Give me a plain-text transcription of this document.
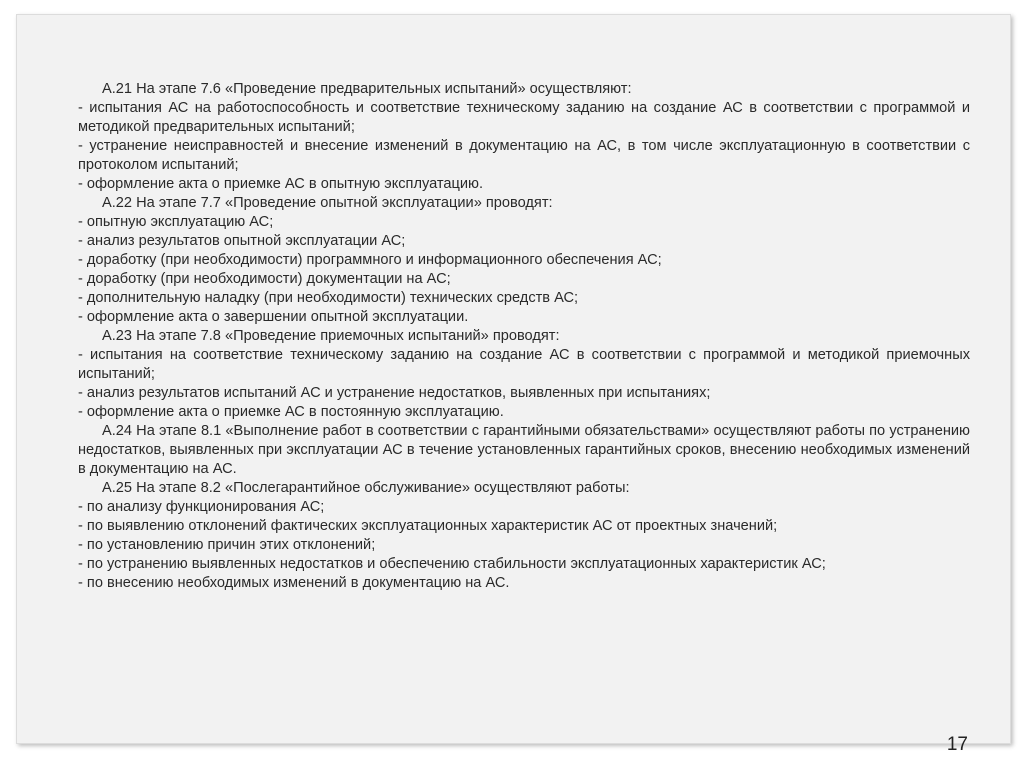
А.21 На этапе 7.6 «Проведение предварительных испытаний» осуществляют:

- испытания АС на работоспособность и соответствие техническому заданию на создание АС в соответствии с программой и методикой предварительных испытаний;

- устранение неисправностей и внесение изменений в документацию на АС, в том числе эксплуатационную в соответствии с протоколом испытаний;

- оформление акта о приемке АС в опытную эксплуатацию.

А.22 На этапе 7.7 «Проведение опытной эксплуатации» проводят:

- опытную эксплуатацию АС;

- анализ результатов опытной эксплуатации АС;

- доработку (при необходимости) программного и информационного обеспечения АС;

- доработку (при необходимости) документации на АС;

- дополнительную наладку (при необходимости) технических средств АС;

- оформление акта о завершении опытной эксплуатации.

А.23 На этапе 7.8 «Проведение приемочных испытаний» проводят:

- испытания на соответствие техническому заданию на создание АС в соответствии с программой и методикой приемочных испытаний;

- анализ результатов испытаний АС и устранение недостатков, выявленных при испытаниях;

- оформление акта о приемке АС в постоянную эксплуатацию.

А.24 На этапе 8.1 «Выполнение работ в соответствии с гарантийными обязательствами» осуществляют работы по устранению недостатков, выявленных при эксплуатации АС в течение установленных гарантийных сроков, внесению необходимых изменений в документацию на АС.

А.25 На этапе 8.2 «Послегарантийное обслуживание» осуществляют работы:

- по анализу функционирования АС;

- по выявлению отклонений фактических эксплуатационных характеристик АС от проектных значений;

- по установлению причин этих отклонений;

- по устранению выявленных недостатков и обеспечению стабильности эксплуатационных характеристик АС;

- по внесению необходимых изменений в документацию на АС.

17
